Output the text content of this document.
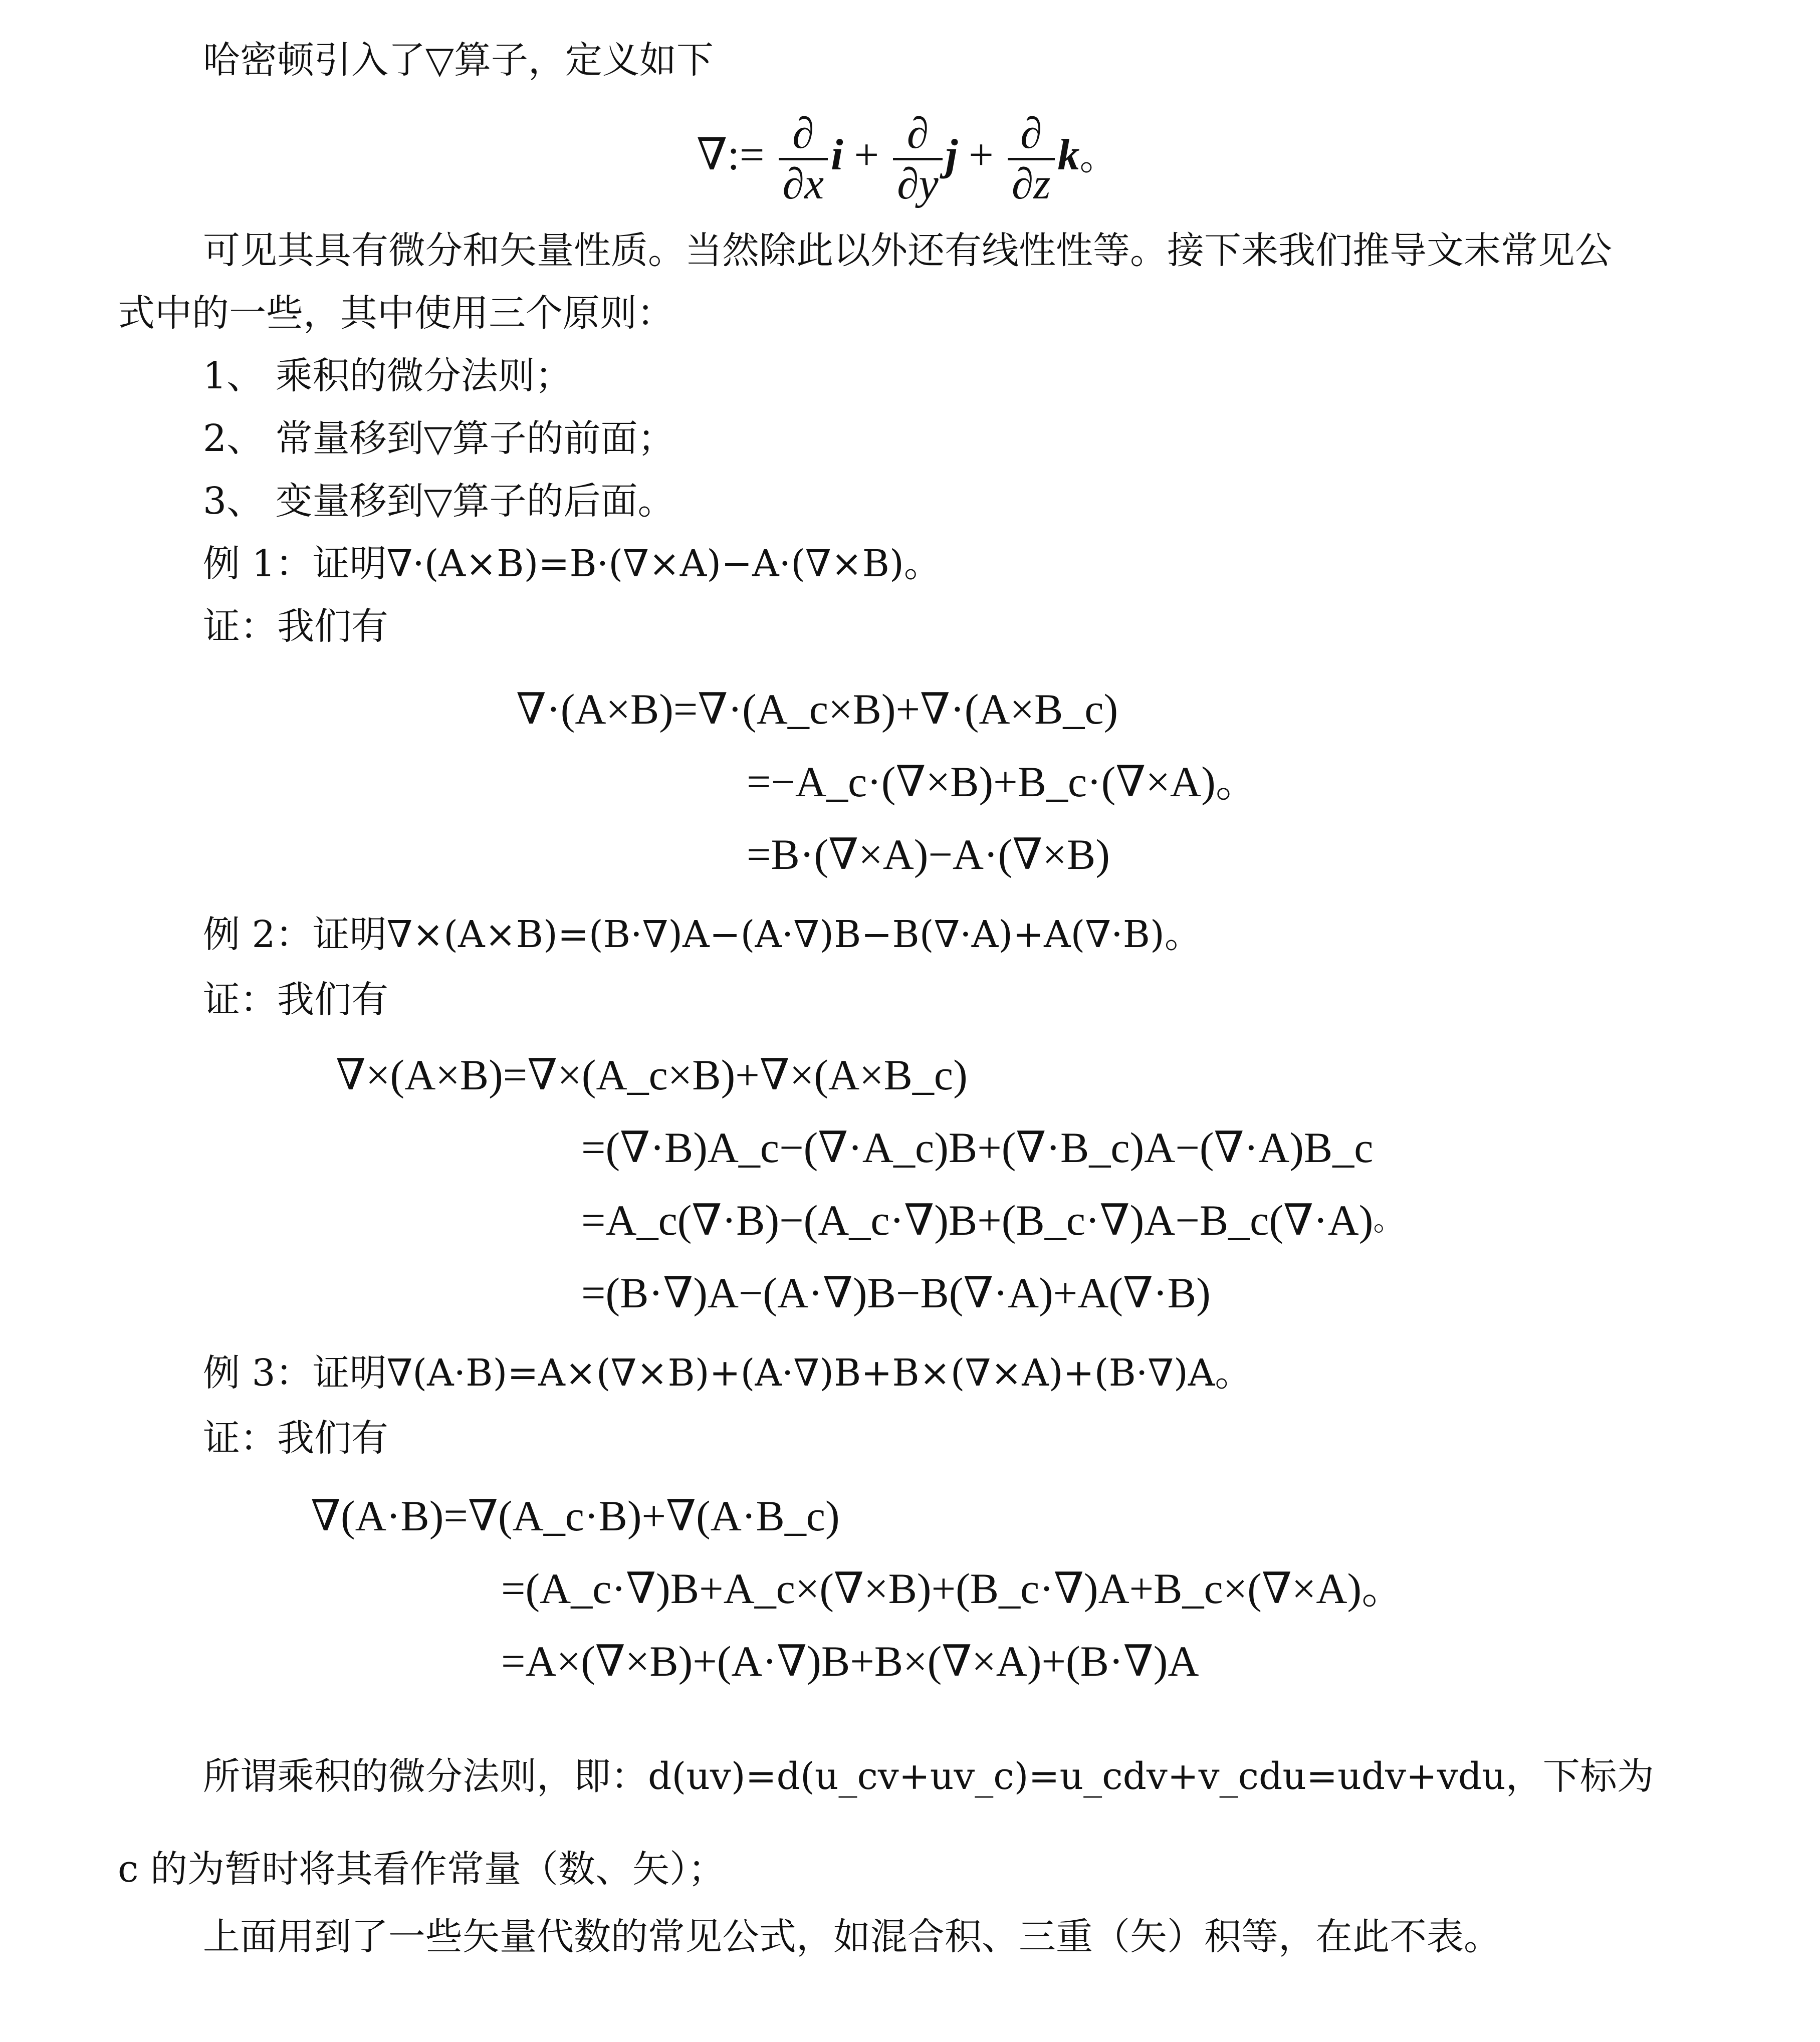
哈密顿引入了▽算子，定义如下
∇:= $\frac{\partial}{\partial x}$ $i + \frac{\partial}{\partial y}$ $j + \frac{\partial}{\partial z}$ k。
可见其具有微分和矢量性质。当然除此以外还有线性性等。接下来我们推导文末常见公
式中的一些，其中使用三个原则：
1、 乘积的微分法则；
2、 常量移到▽算子的前面；
3、 变量移到▽算子的后面。
例 1：证明∇·(A×B)=B·(∇×A)−A·(∇×B)。
证：我们有
∇·(A×B)=∇·(A_c×B)+∇·(A×B_c)
=−A_c·(∇×B)+B_c·(∇×A)。
=B·(∇×A)−A·(∇×B)
例 2：证明∇×(A×B)=(B·∇)A−(A·∇)B−B(∇·A)+A(∇·B)。
证：我们有
∇×(A×B)=∇×(A_c×B)+∇×(A×B_c)
=(∇·B)A_c−(∇·A_c)B+(∇·B_c)A−(∇·A)B_c
=A_c(∇·B)−(A_c·∇)B+(B_c·∇)A−B_c(∇·A)。
=(B·∇)A−(A·∇)B−B(∇·A)+A(∇·B)
例 3：证明∇(A·B)=A×(∇×B)+(A·∇)B+B×(∇×A)+(B·∇)A。
证：我们有
∇(A·B)=∇(A_c·B)+∇(A·B_c)
=(A_c·∇)B+A_c×(∇×B)+(B_c·∇)A+B_c×(∇×A)。
=A×(∇×B)+(A·∇)B+B×(∇×A)+(B·∇)A
所谓乘积的微分法则，即：d(uv)=d(u_cv+uv_c)=u_cdv+v_cdu=udv+vdu，下标为
c 的为暂时将其看作常量（数、矢）；
上面用到了一些矢量代数的常见公式，如混合积、三重（矢）积等，在此不表。
